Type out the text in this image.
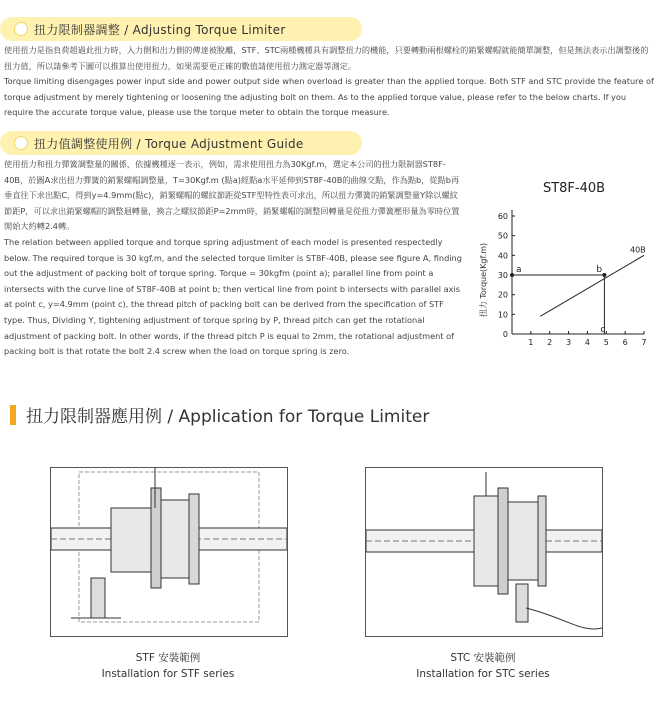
扭力限制器調整 / Adjusting Torque Limiter

使用扭力是指負荷超過此扭力時，入力側和出力側的傳達被脫離，STF、STC兩種機種具有調整扭力的機能，只要轉動兩根螺栓的銷緊螺帽就能簡單調整，但是無法表示出調整後的扭力值，所以請參考下圖可以推算出使用扭力，如果需要更正確的數值請使用扭力測定器等測定。

Torque limiting disengages power input side and power output side when overload is greater than the applied torque. Both STF and STC provide the feature of torque adjustment by merely tightening or loosening the adjusting bolt on them. As to the applied torque value, please refer to the below charts. If you require the accurate torque value, please use the torque meter to obtain the torque measure.

扭力值調整使用例 / Torque Adjustment Guide

使用扭力和扭力彈簧調整量的關係，依據機種逐一表示，例如，需求使用扭力為30Kgf.m，選定本公司的扭力限制器ST8F-40B，於圖A求出扭力彈簧的銷緊螺帽調整量，T=30Kgf.m (點a)經點a水平延伸到ST8F-40B的曲線交點，作為點b，從點b再垂直往下求出點C，得到y=4.9mm(點c)，銷緊螺帽的螺紋節距從STF型特性表可求出，所以扭力彈簧的銷緊調整量Y除以螺紋節距P，可以求出銷緊螺帽的調整迴轉量，換言之螺紋節距P=2mm時，銷緊螺帽的調整回轉量是從扭力彈簧壓形量為零時位置開始大約轉2.4轉。

The relation between applied torque and torque spring adjustment of each model is presented respectedly below. The required torque is 30 kgf.m, and the selected torque limiter is ST8F-40B, please see figure A, finding out the adjustment of packing bolt of torque spring. Torque = 30kgfm (point a); parallel line from point a intersects with the curve line of ST8F-40B at point b; then vertical line from point b intersects with parallel axis at point c, y=4.9mm (point c), the thread pitch of packing bolt can be derived from the specification of STF type. Thus, Dividing Y, tightening adjustment of torque spring by P, thread pitch can get the rotational adjustment of packing bolt. In other words, if the thread pitch P is equal to 2mm, the rotational adjustment of packing bolt is that rotate the bolt 2.4 screw when the load on torque spring is zero.

ST8F-40B
扭力 Torque(Kgf.m)
1 2 3 4 5 6 7
10
20
30
40
50
60
0
40B
a	b
c
扭力限制器應用例 / Application for Torque Limiter
STF 安裝範例
Installation for STF series
STC 安裝範例
Installation for STC series
